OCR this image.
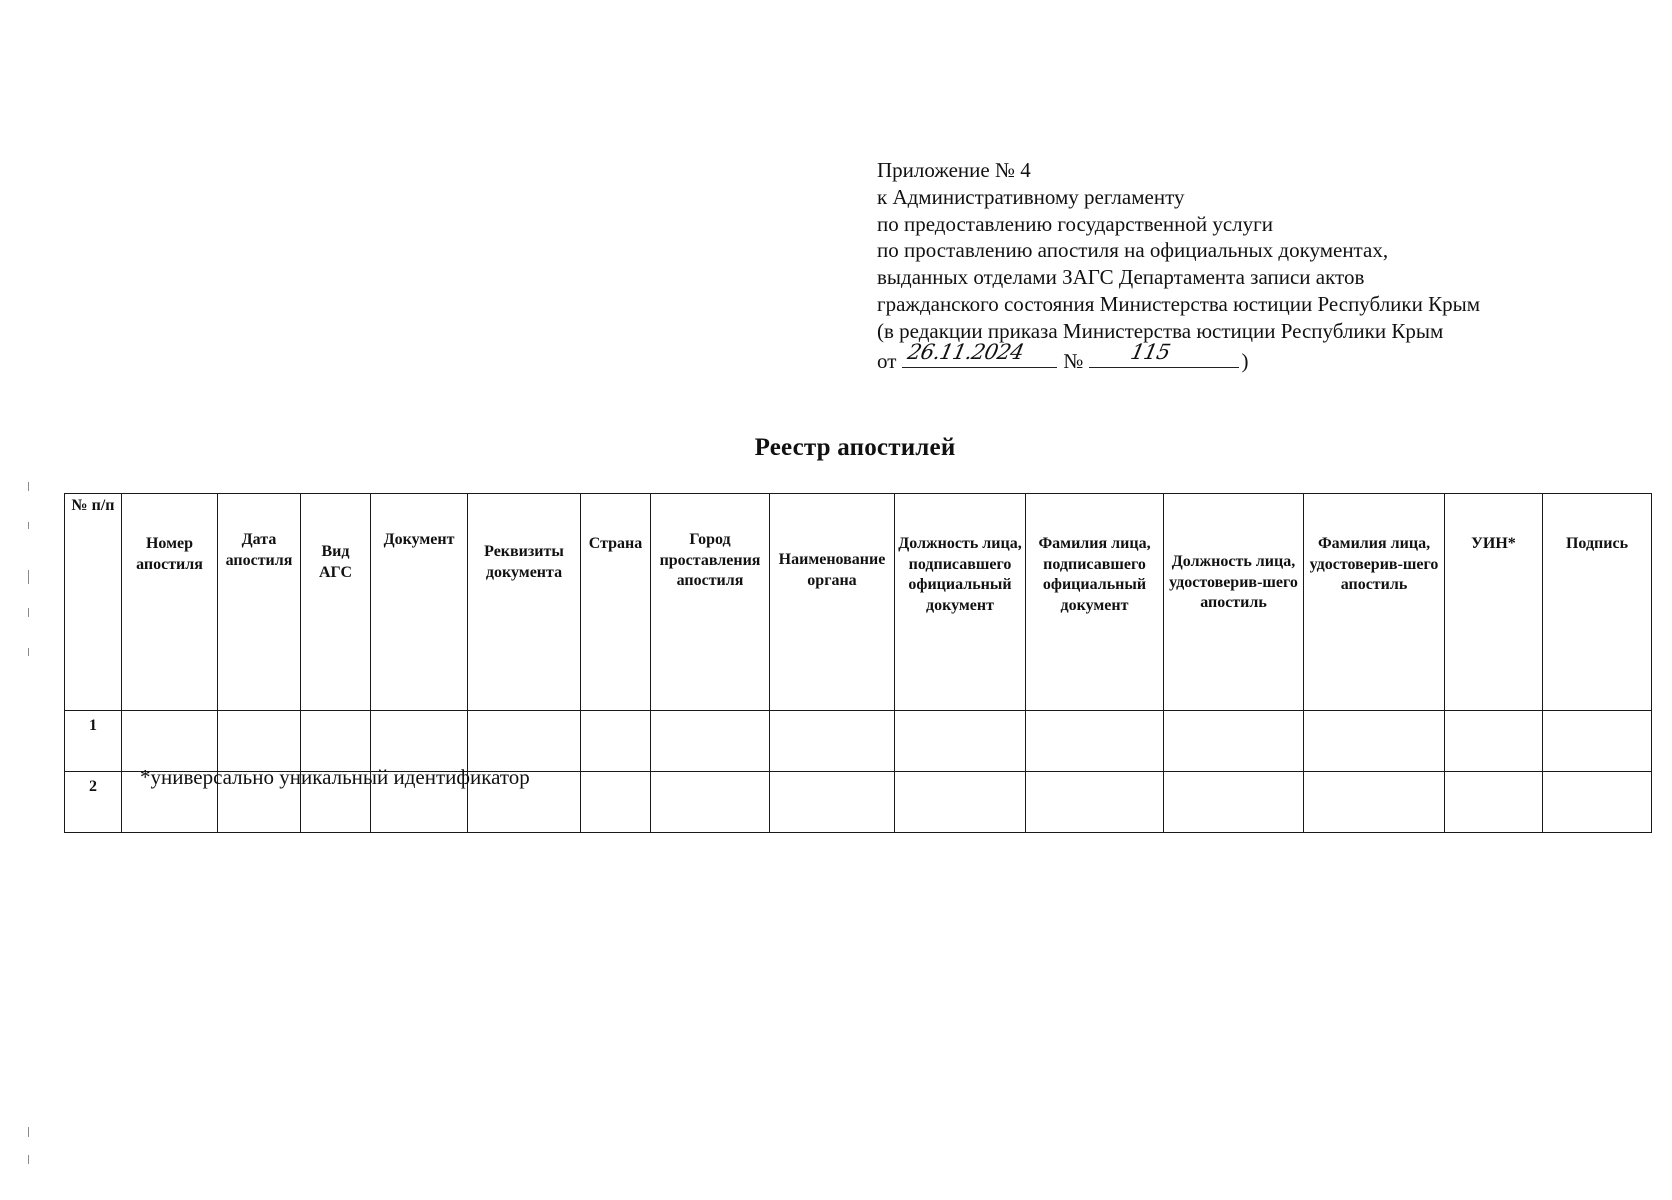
Приложение № 4
к Административному регламенту
по предоставлению государственной услуги
по проставлению апостиля на официальных документах,
выданных отделами ЗАГС Департамента записи актов
гражданского состояния Министерства юстиции Республики Крым
(в редакции приказа Министерства юстиции Республики Крым
от 26.11.2024 № 115	)
Реестр апостилей
№ п/п	Номер апостиля	Дата апостиля	Вид АГС	Документ	Реквизиты документа	Страна	Город проставления апостиля	Наименование органа	Должность лица, подписавшего официальный документ	Фамилия лица, подписавшего официальный документ	Должность лица, удостоверив-шего апостиль	Фамилия лица, удостоверив-шего апостиль	УИН*	Подпись
1														
2														*универсально уникальный идентификатор
